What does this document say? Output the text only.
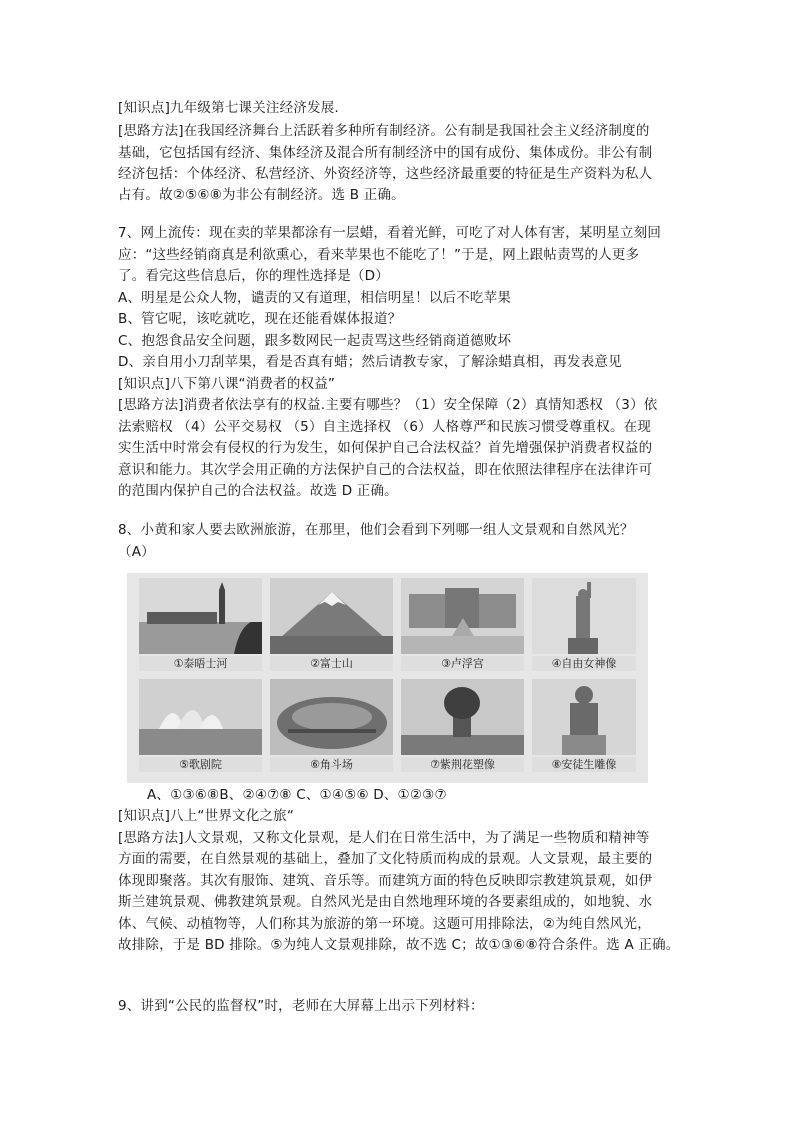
[知识点]九年级第七课关注经济发展.
[思路方法]在我国经济舞台上活跃着多种所有制经济。公有制是我国社会主义经济制度的
基础，它包括国有经济、集体经济及混合所有制经济中的国有成份、集体成份。非公有制
经济包括：个体经济、私营经济、外资经济等，这些经济最重要的特征是生产资料为私人
占有。故②⑤⑥⑧为非公有制经济。选 B 正确。
7、网上流传：现在卖的苹果都涂有一层蜡，看着光鲜，可吃了对人体有害，某明星立刻回
应：“这些经销商真是利欲熏心，看来苹果也不能吃了！”于是，网上跟帖责骂的人更多
了。看完这些信息后，你的理性选择是（D）
A、明星是公众人物，谴责的又有道理，相信明星！以后不吃苹果
B、管它呢，该吃就吃，现在还能看媒体报道？
C、抱怨食品安全问题，跟多数网民一起责骂这些经销商道德败坏
D、亲自用小刀刮苹果，看是否真有蜡；然后请教专家，了解涂蜡真相，再发表意见
[知识点]八下第八课“消费者的权益”
[思路方法]消费者依法享有的权益.主要有哪些？（1）安全保障（2）真情知悉权 （3）依
法索赔权 （4）公平交易权 （5）自主选择权 （6）人格尊严和民族习惯受尊重权。在现
实生活中时常会有侵权的行为发生，如何保护自己合法权益？首先增强保护消费者权益的
意识和能力。其次学会用正确的方法保护自己的合法权益，即在依照法律程序在法律许可
的范围内保护自己的合法权益。故选 D 正确。
8、小黄和家人要去欧洲旅游，在那里，他们会看到下列哪一组人文景观和自然风光？
（A）
①泰晤士河	②富士山	③卢浮宫	④自由女神像
⑤歌剧院	⑥角斗场	⑦紫荆花塑像	⑧安徒生雕像
A、①③⑥⑧B、②④⑦⑧ C、①④⑤⑥ D、①②③⑦
[知识点]八上“世界文化之旅“
[思路方法]人文景观，又称文化景观，是人们在日常生活中，为了满足一些物质和精神等
方面的需要，在自然景观的基础上，叠加了文化特质而构成的景观。人文景观，最主要的
体现即聚落。其次有服饰、建筑、音乐等。而建筑方面的特色反映即宗教建筑景观，如伊
斯兰建筑景观、佛教建筑景观。自然风光是由自然地理环境的各要素组成的，如地貌、水
体、气候、动植物等，人们称其为旅游的第一环境。这题可用排除法，②为纯自然风光，
故排除，于是 BD 排除。⑤为纯人文景观排除，故不选 C；故①③⑥⑧符合条件。选 A 正确。
9、讲到“公民的监督权”时，老师在大屏幕上出示下列材料：
